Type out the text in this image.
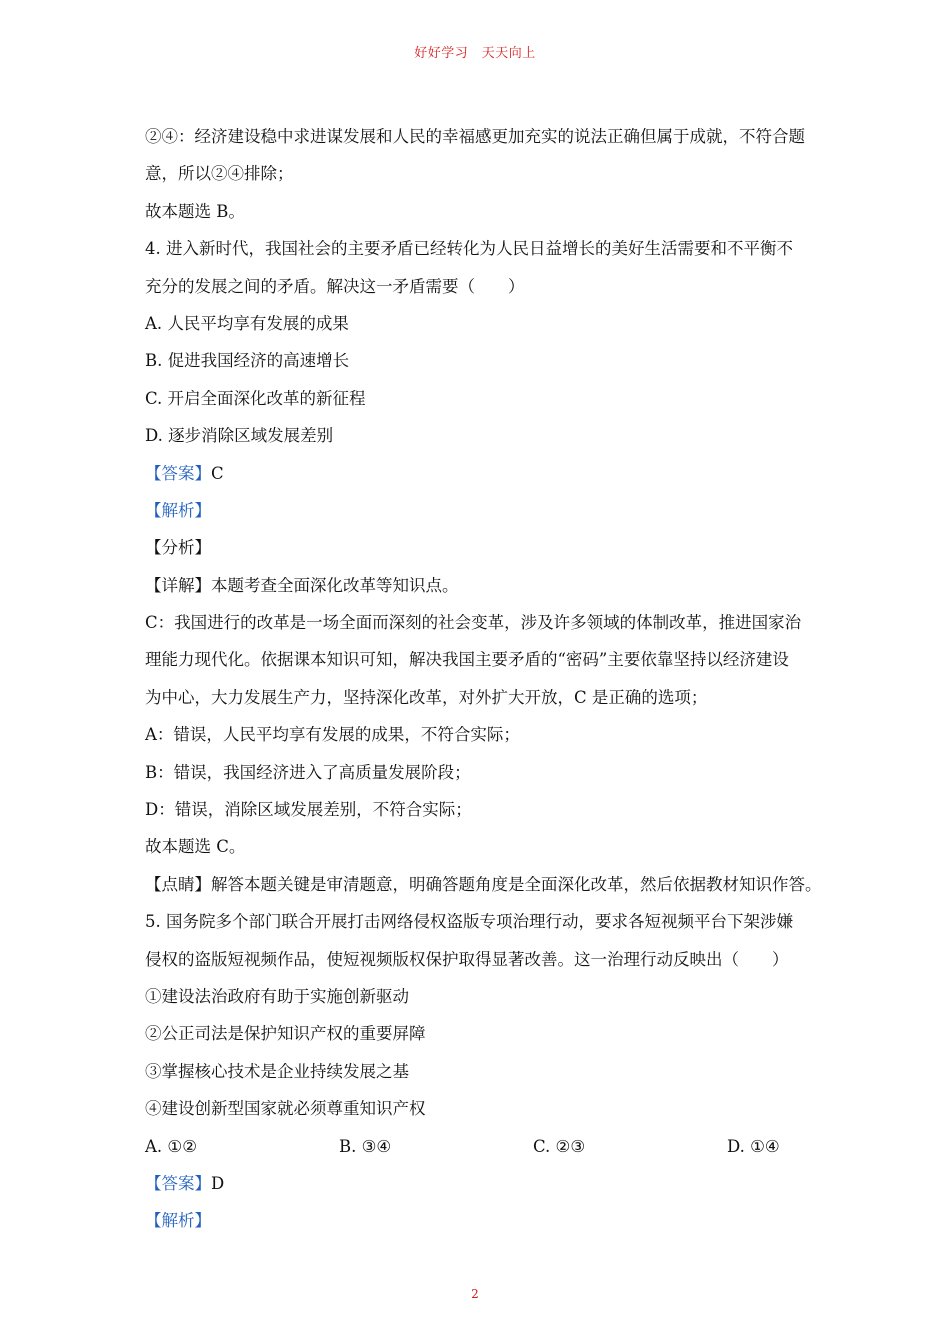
好好学习　天天向上
②④：经济建设稳中求进谋发展和人民的幸福感更加充实的说法正确但属于成就，不符合题
意，所以②④排除；
故本题选 B。
4. 进入新时代，我国社会的主要矛盾已经转化为人民日益增长的美好生活需要和不平衡不
充分的发展之间的矛盾。解决这一矛盾需要（　　）
A. 人民平均享有发展的成果
B. 促进我国经济的高速增长
C. 开启全面深化改革的新征程
D. 逐步消除区域发展差别
【答案】C
【解析】
【分析】
【详解】本题考查全面深化改革等知识点。
C：我国进行的改革是一场全面而深刻的社会变革，涉及许多领域的体制改革，推进国家治
理能力现代化。依据课本知识可知，解决我国主要矛盾的“密码”主要依靠坚持以经济建设
为中心，大力发展生产力，坚持深化改革，对外扩大开放，C 是正确的选项；
A：错误，人民平均享有发展的成果，不符合实际；
B：错误，我国经济进入了高质量发展阶段；
D：错误，消除区域发展差别，不符合实际；
故本题选 C。
【点睛】解答本题关键是审清题意，明确答题角度是全面深化改革，然后依据教材知识作答。
5. 国务院多个部门联合开展打击网络侵权盗版专项治理行动，要求各短视频平台下架涉嫌
侵权的盗版短视频作品，使短视频版权保护取得显著改善。这一治理行动反映出（　　）
①建设法治政府有助于实施创新驱动
②公正司法是保护知识产权的重要屏障
③掌握核心技术是企业持续发展之基
④建设创新型国家就必须尊重知识产权
A. ①②	B. ③④	C. ②③	D. ①④
【答案】D
【解析】
2
